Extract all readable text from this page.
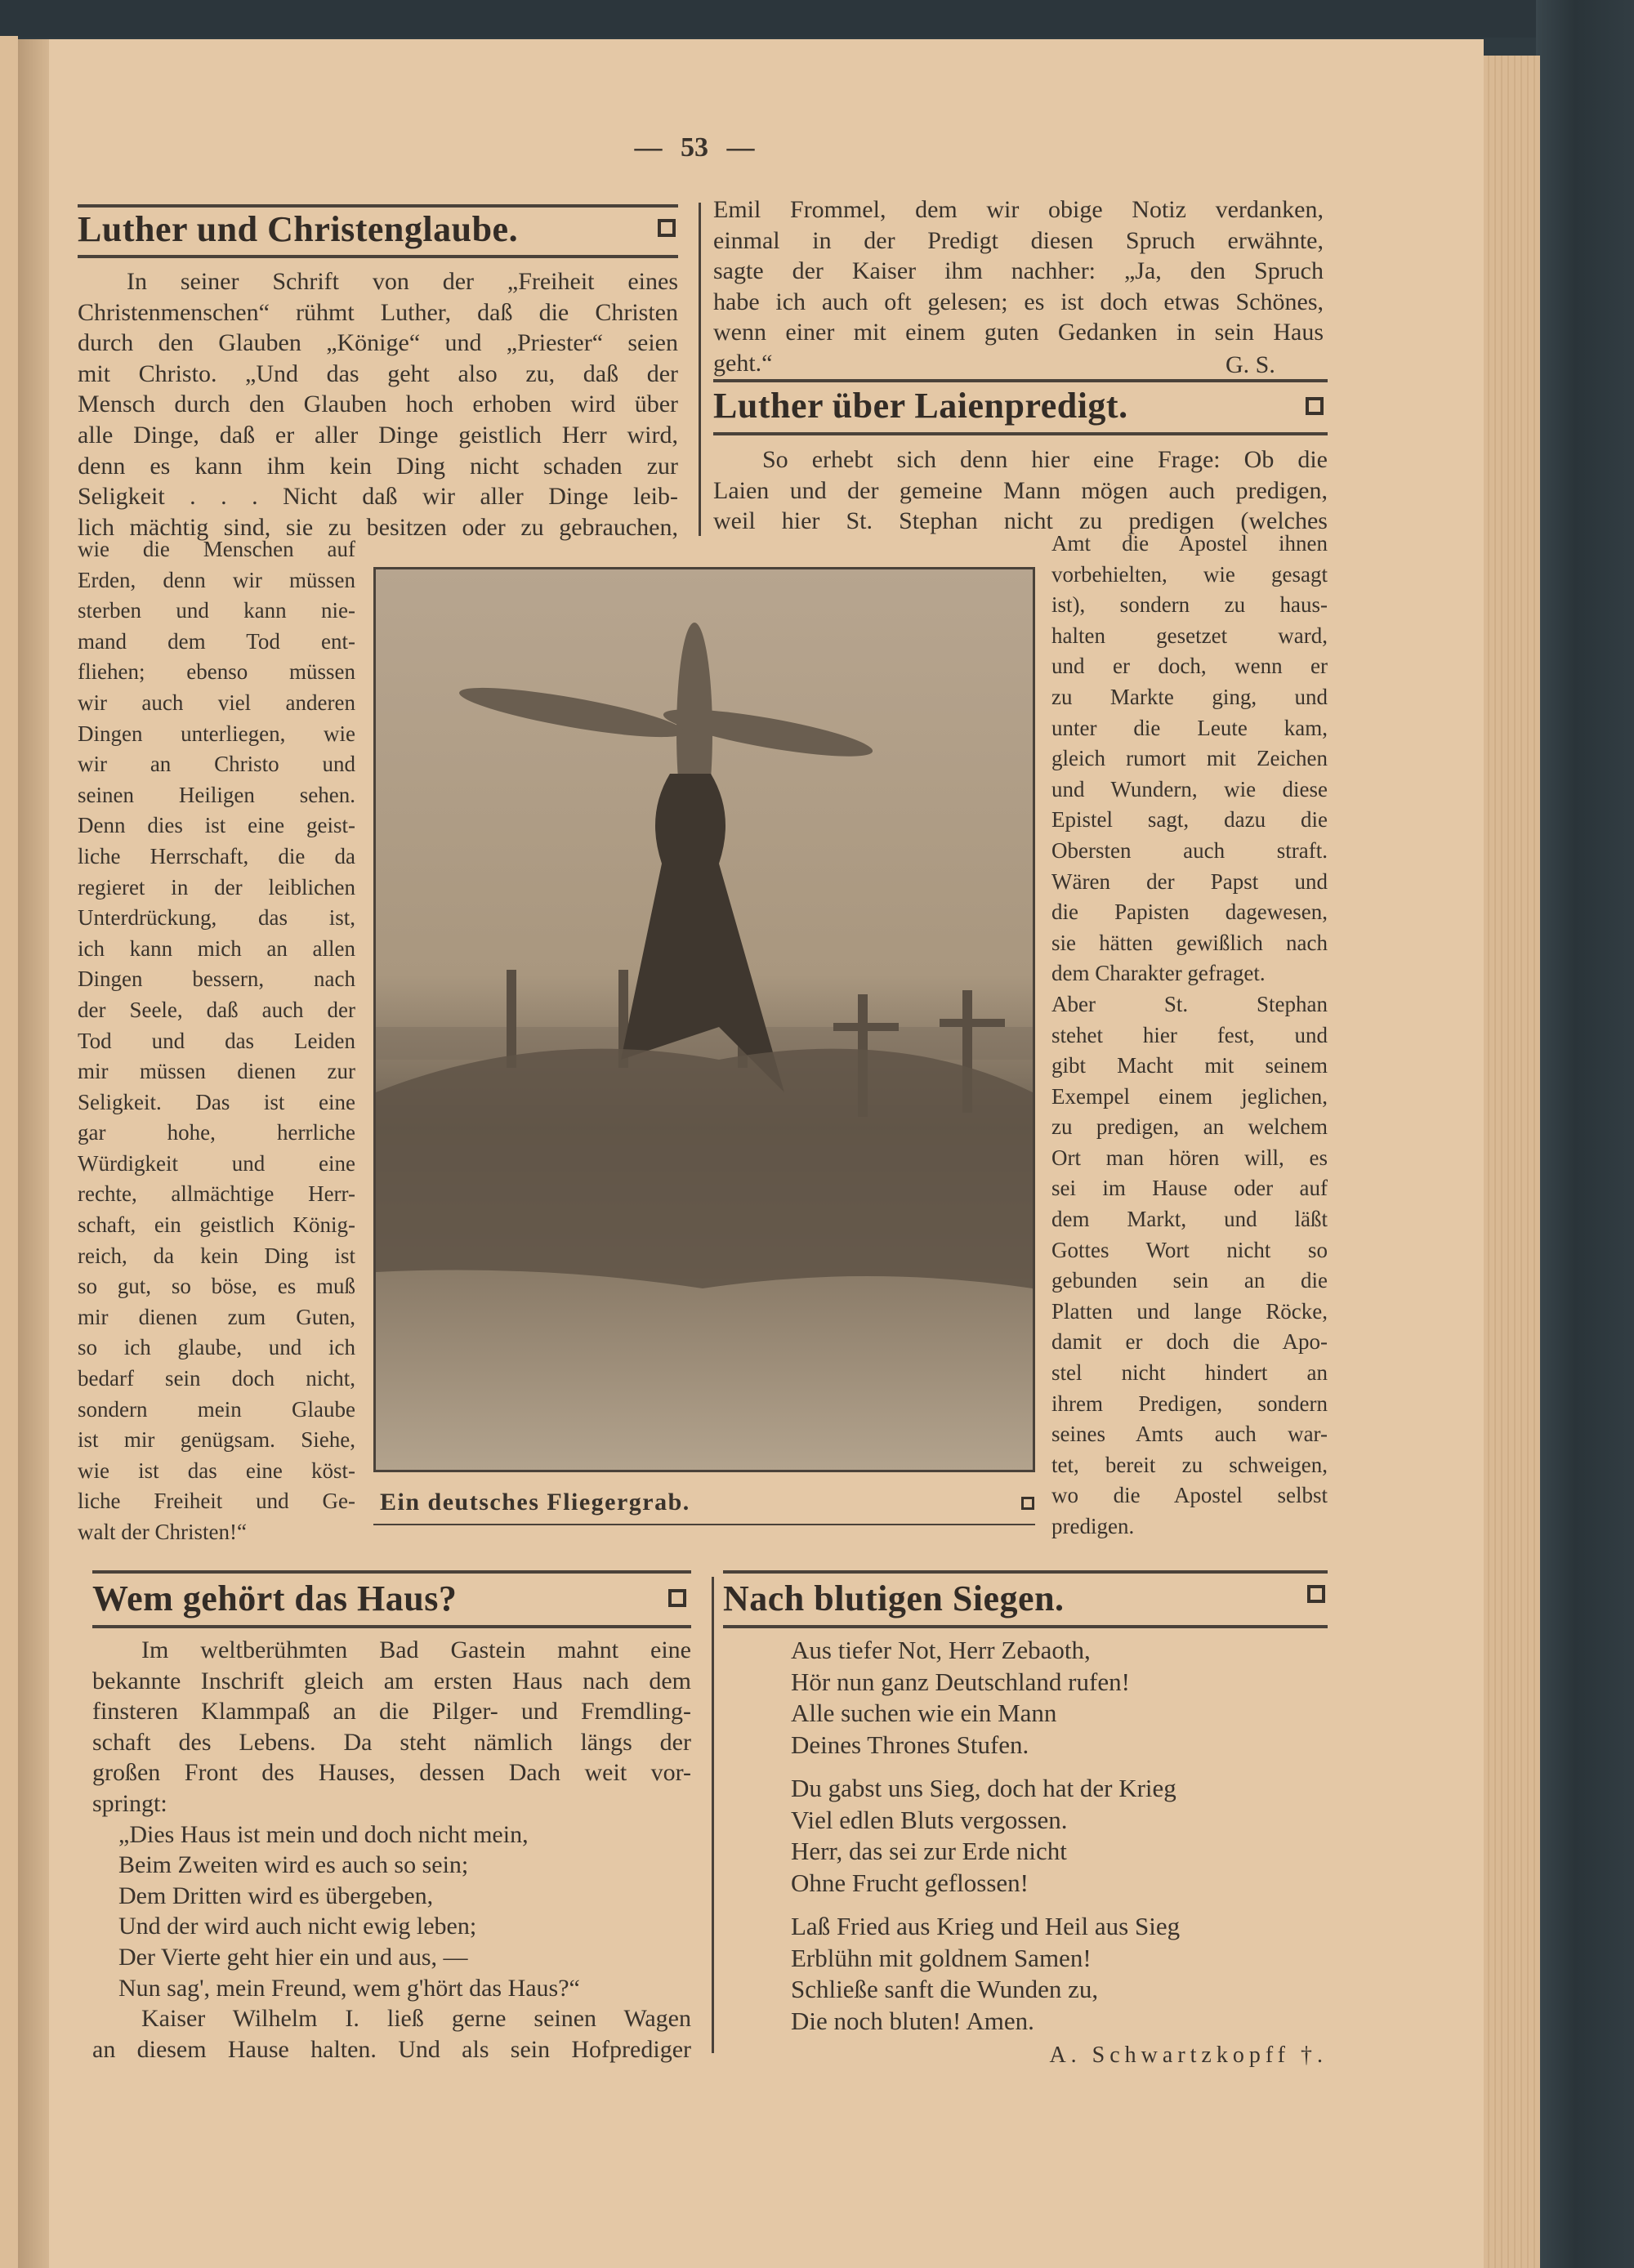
— 53 —
Luther und Christenglaube.
In seiner Schrift von der „Freiheit eines
Christenmenschen“ rühmt Luther, daß die Christen
durch den Glauben „Könige“ und „Priester“ seien
mit Christo. „Und das geht also zu, daß der
Mensch durch den Glauben hoch erhoben wird über
alle Dinge, daß er aller Dinge geistlich Herr wird,
denn es kann ihm kein Ding nicht schaden zur
Seligkeit . . . Nicht daß wir aller Dinge leib-
lich mächtig sind, sie zu besitzen oder zu gebrauchen,
wie die Menschen auf
Erden, denn wir müssen
sterben und kann nie-
mand dem Tod ent-
fliehen; ebenso müssen
wir auch viel anderen
Dingen unterliegen, wie
wir an Christo und
seinen Heiligen sehen.
Denn dies ist eine geist-
liche Herrschaft, die da
regieret in der leiblichen
Unterdrückung, das ist,
ich kann mich an allen
Dingen bessern, nach
der Seele, daß auch der
Tod und das Leiden
mir müssen dienen zur
Seligkeit. Das ist eine
gar hohe, herrliche
Würdigkeit und eine
rechte, allmächtige Herr-
schaft, ein geistlich König-
reich, da kein Ding ist
so gut, so böse, es muß
mir dienen zum Guten,
so ich glaube, und ich
bedarf sein doch nicht,
sondern mein Glaube
ist mir genügsam. Siehe,
wie ist das eine köst-
liche Freiheit und Ge-
walt der Christen!“
Emil Frommel, dem wir obige Notiz verdanken,
einmal in der Predigt diesen Spruch erwähnte,
sagte der Kaiser ihm nachher: „Ja, den Spruch
habe ich auch oft gelesen; es ist doch etwas Schönes,
wenn einer mit einem guten Gedanken in sein Haus
geht.“	G. S.
Luther über Laienpredigt.
So erhebt sich denn hier eine Frage: Ob die
Laien und der gemeine Mann mögen auch predigen,
weil hier St. Stephan nicht zu predigen (welches
Amt die Apostel ihnen
vorbehielten, wie gesagt
ist), sondern zu haus-
halten gesetzet ward,
und er doch, wenn er
zu Markte ging, und
unter die Leute kam,
gleich rumort mit Zeichen
und Wundern, wie diese
Epistel sagt, dazu die
Obersten auch straft.
Wären der Papst und
die Papisten dagewesen,
sie hätten gewißlich nach
dem Charakter gefraget.
Aber St. Stephan
stehet hier fest, und
gibt Macht mit seinem
Exempel einem jeglichen,
zu predigen, an welchem
Ort man hören will, es
sei im Hause oder auf
dem Markt, und läßt
Gottes Wort nicht so
gebunden sein an die
Platten und lange Röcke,
damit er doch die Apo-
stel nicht hindert an
ihrem Predigen, sondern
seines Amts auch war-
tet, bereit zu schweigen,
wo die Apostel selbst
predigen.
Ein deutsches Fliegergrab.
Wem gehört das Haus?
Im weltberühmten Bad Gastein mahnt eine
bekannte Inschrift gleich am ersten Haus nach dem
finsteren Klammpaß an die Pilger- und Fremdling-
schaft des Lebens. Da steht nämlich längs der
großen Front des Hauses, dessen Dach weit vor-
springt:
„Dies Haus ist mein und doch nicht mein,
Beim Zweiten wird es auch so sein;
Dem Dritten wird es übergeben,
Und der wird auch nicht ewig leben;
Der Vierte geht hier ein und aus, —
Nun sag', mein Freund, wem g'hört das Haus?“
Kaiser Wilhelm I. ließ gerne seinen Wagen
an diesem Hause halten. Und als sein Hofprediger
Nach blutigen Siegen.
Aus tiefer Not, Herr Zebaoth,
Hör nun ganz Deutschland rufen!
Alle suchen wie ein Mann
Deines Thrones Stufen.
Du gabst uns Sieg, doch hat der Krieg
Viel edlen Bluts vergossen.
Herr, das sei zur Erde nicht
Ohne Frucht geflossen!
Laß Fried aus Krieg und Heil aus Sieg
Erblühn mit goldnem Samen!
Schließe sanft die Wunden zu,
Die noch bluten! Amen.
A. Schwartzkopff †.
